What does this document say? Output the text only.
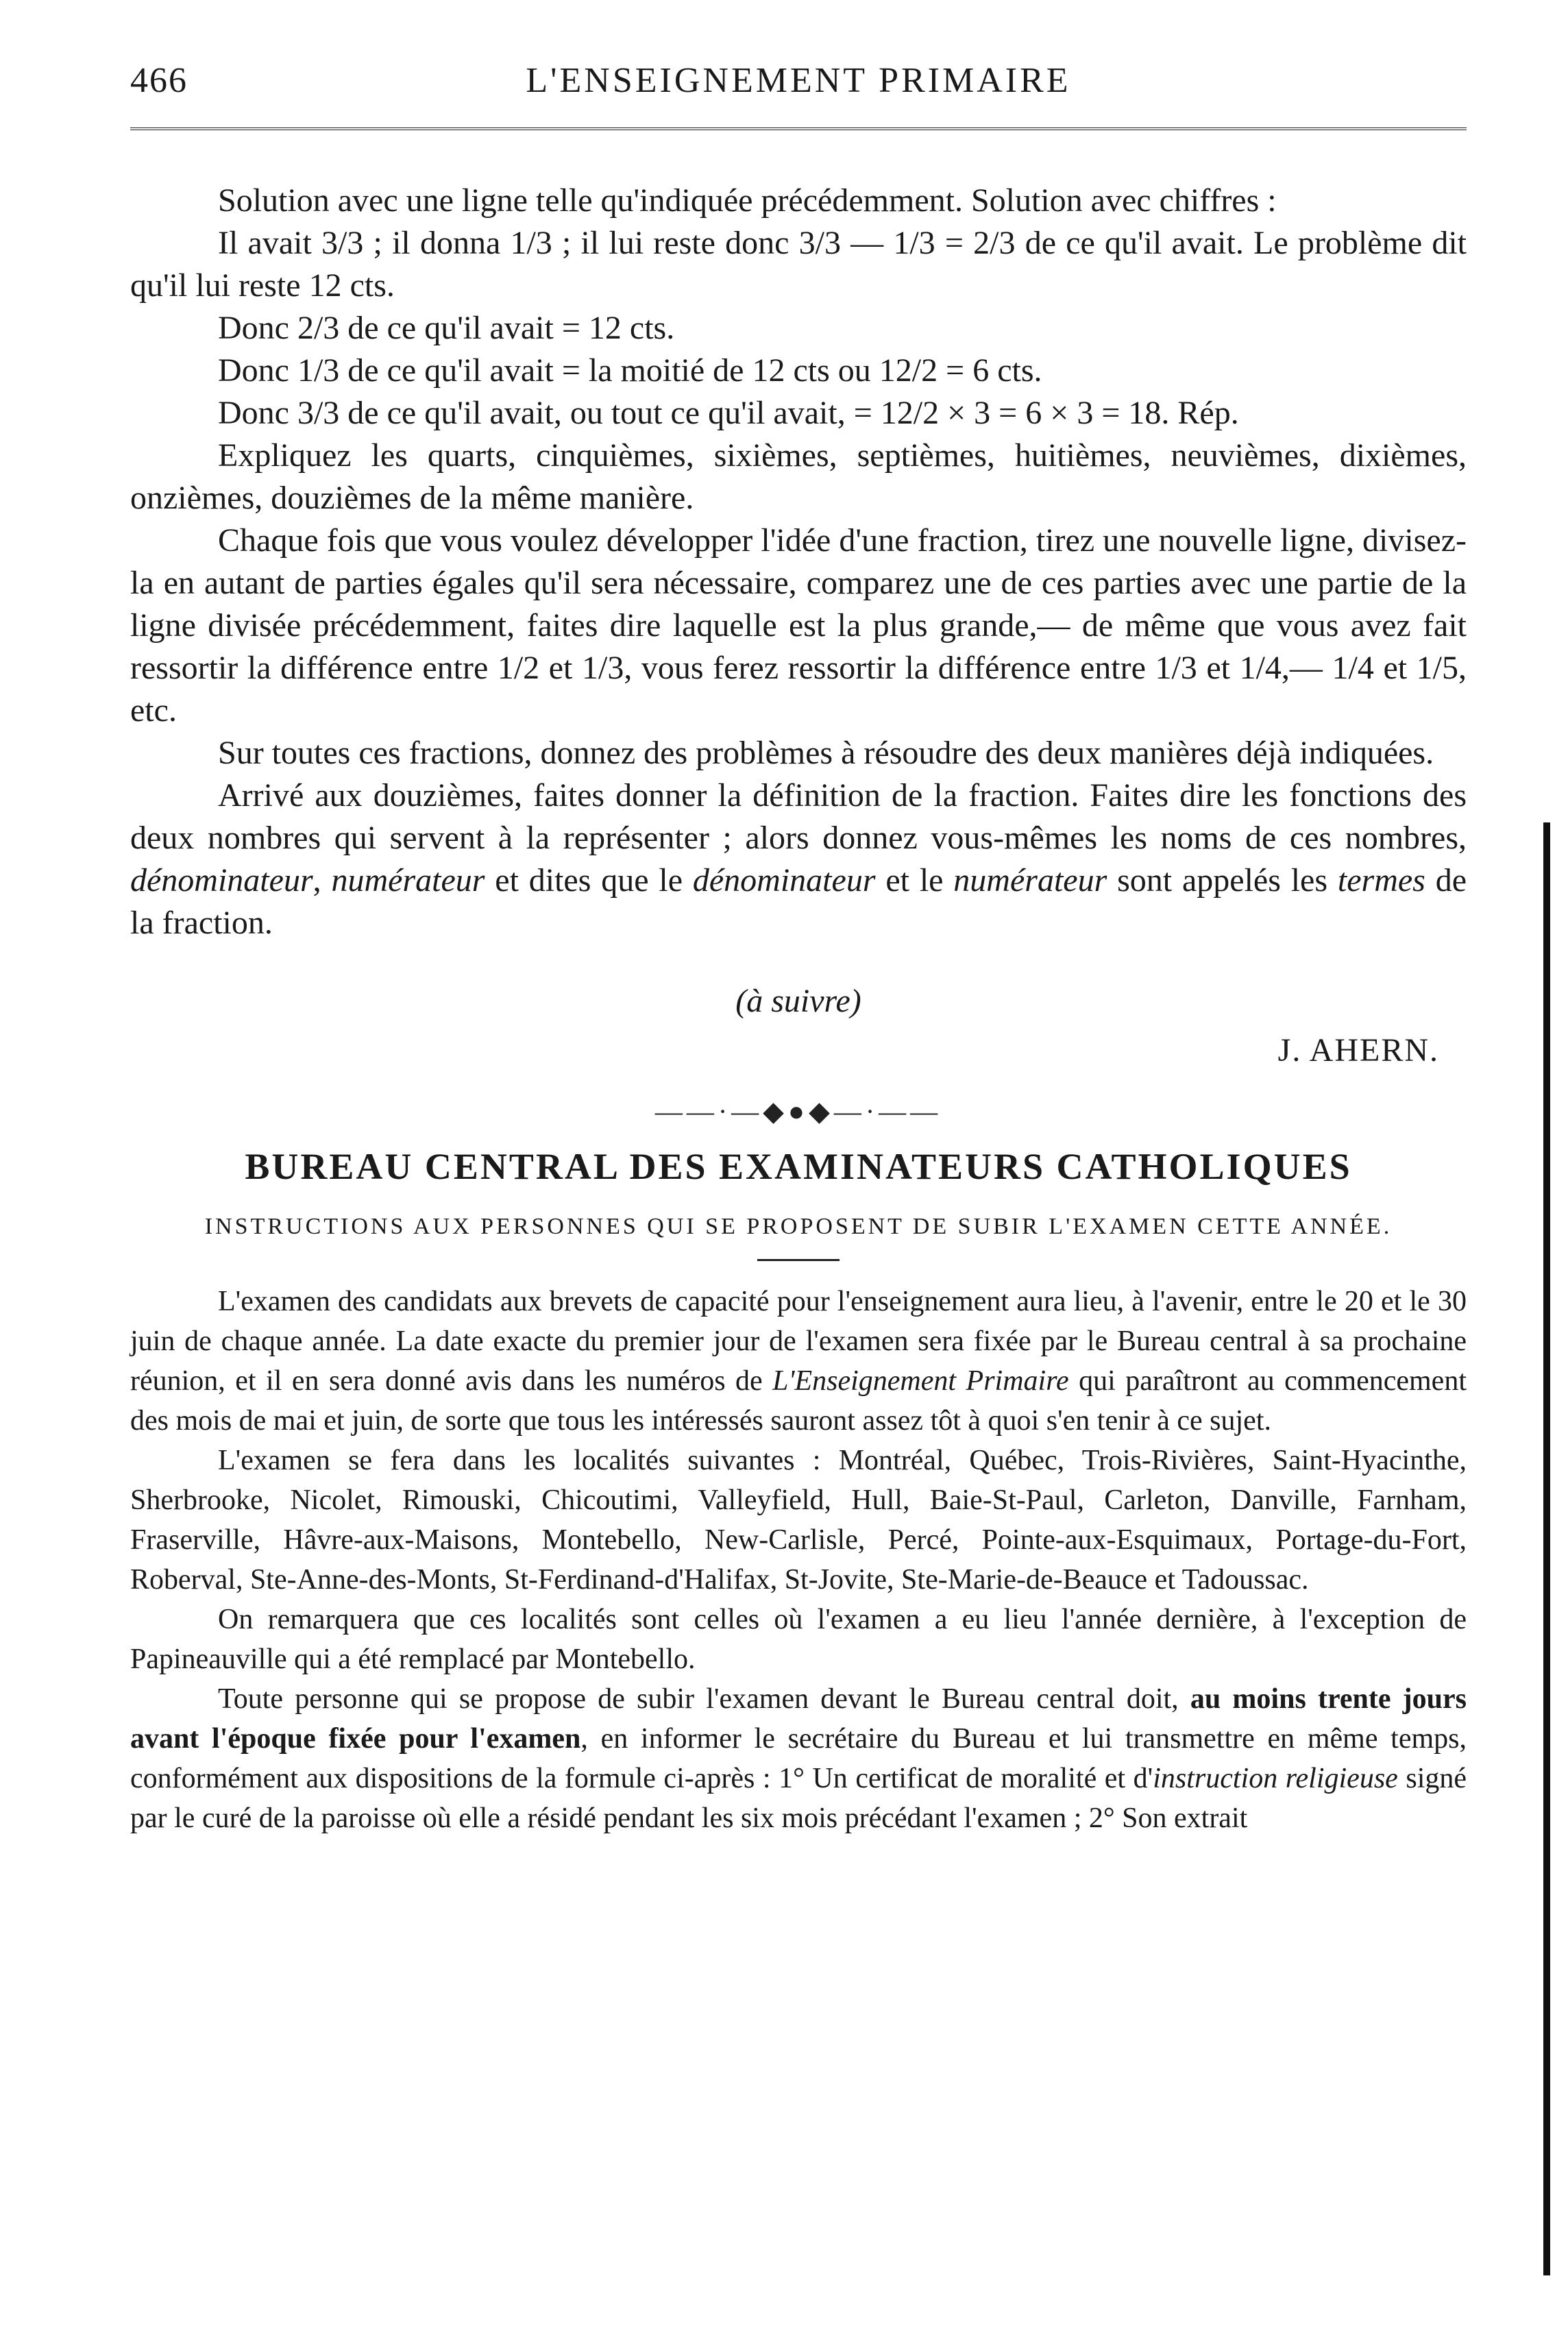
466	L'ENSEIGNEMENT PRIMAIRE

Solution avec une ligne telle qu'indiquée précédemment. Solution avec chiffres :

Il avait 3/3 ; il donna 1/3 ; il lui reste donc 3/3 — 1/3 = 2/3 de ce qu'il avait. Le problème dit qu'il lui reste 12 cts.

Donc 2/3 de ce qu'il avait = 12 cts.

Donc 1/3 de ce qu'il avait = la moitié de 12 cts ou 12/2 = 6 cts.

Donc 3/3 de ce qu'il avait, ou tout ce qu'il avait, = 12/2 × 3 = 6 × 3 = 18. Rép.

Expliquez les quarts, cinquièmes, sixièmes, septièmes, huitièmes, neuvièmes, dixièmes, onzièmes, douzièmes de la même manière.

Chaque fois que vous voulez développer l'idée d'une fraction, tirez une nouvelle ligne, divisez-la en autant de parties égales qu'il sera nécessaire, comparez une de ces parties avec une partie de la ligne divisée précédemment, faites dire laquelle est la plus grande,— de même que vous avez fait ressortir la différence entre 1/2 et 1/3, vous ferez ressortir la différence entre 1/3 et 1/4,— 1/4 et 1/5, etc.

Sur toutes ces fractions, donnez des problèmes à résoudre des deux manières déjà indiquées.

Arrivé aux douzièmes, faites donner la définition de la fraction. Faites dire les fonctions des deux nombres qui servent à la représenter ; alors donnez vous-mêmes les noms de ces nombres, dénominateur, numérateur et dites que le dénominateur et le numérateur sont appelés les termes de la fraction.

(à suivre)
J. AHERN.
——·—◆●◆—·——
BUREAU CENTRAL DES EXAMINATEURS CATHOLIQUES
INSTRUCTIONS AUX PERSONNES QUI SE PROPOSENT DE SUBIR L'EXAMEN CETTE ANNÉE.

L'examen des candidats aux brevets de capacité pour l'enseignement aura lieu, à l'avenir, entre le 20 et le 30 juin de chaque année. La date exacte du premier jour de l'examen sera fixée par le Bureau central à sa prochaine réunion, et il en sera donné avis dans les numéros de L'Enseignement Primaire qui paraîtront au commencement des mois de mai et juin, de sorte que tous les intéressés sauront assez tôt à quoi s'en tenir à ce sujet.

L'examen se fera dans les localités suivantes : Montréal, Québec, Trois-Rivières, Saint-Hyacinthe, Sherbrooke, Nicolet, Rimouski, Chicoutimi, Valleyfield, Hull, Baie-St-Paul, Carleton, Danville, Farnham, Fraserville, Hâvre-aux-Maisons, Montebello, New-Carlisle, Percé, Pointe-aux-Esquimaux, Portage-du-Fort, Roberval, Ste-Anne-des-Monts, St-Ferdinand-d'Halifax, St-Jovite, Ste-Marie-de-Beauce et Tadoussac.

On remarquera que ces localités sont celles où l'examen a eu lieu l'année dernière, à l'exception de Papineauville qui a été remplacé par Montebello.

Toute personne qui se propose de subir l'examen devant le Bureau central doit, au moins trente jours avant l'époque fixée pour l'examen, en informer le secrétaire du Bureau et lui transmettre en même temps, conformément aux dispositions de la formule ci-après : 1° Un certificat de moralité et d'instruction religieuse signé par le curé de la paroisse où elle a résidé pendant les six mois précédant l'examen ; 2° Son extrait
